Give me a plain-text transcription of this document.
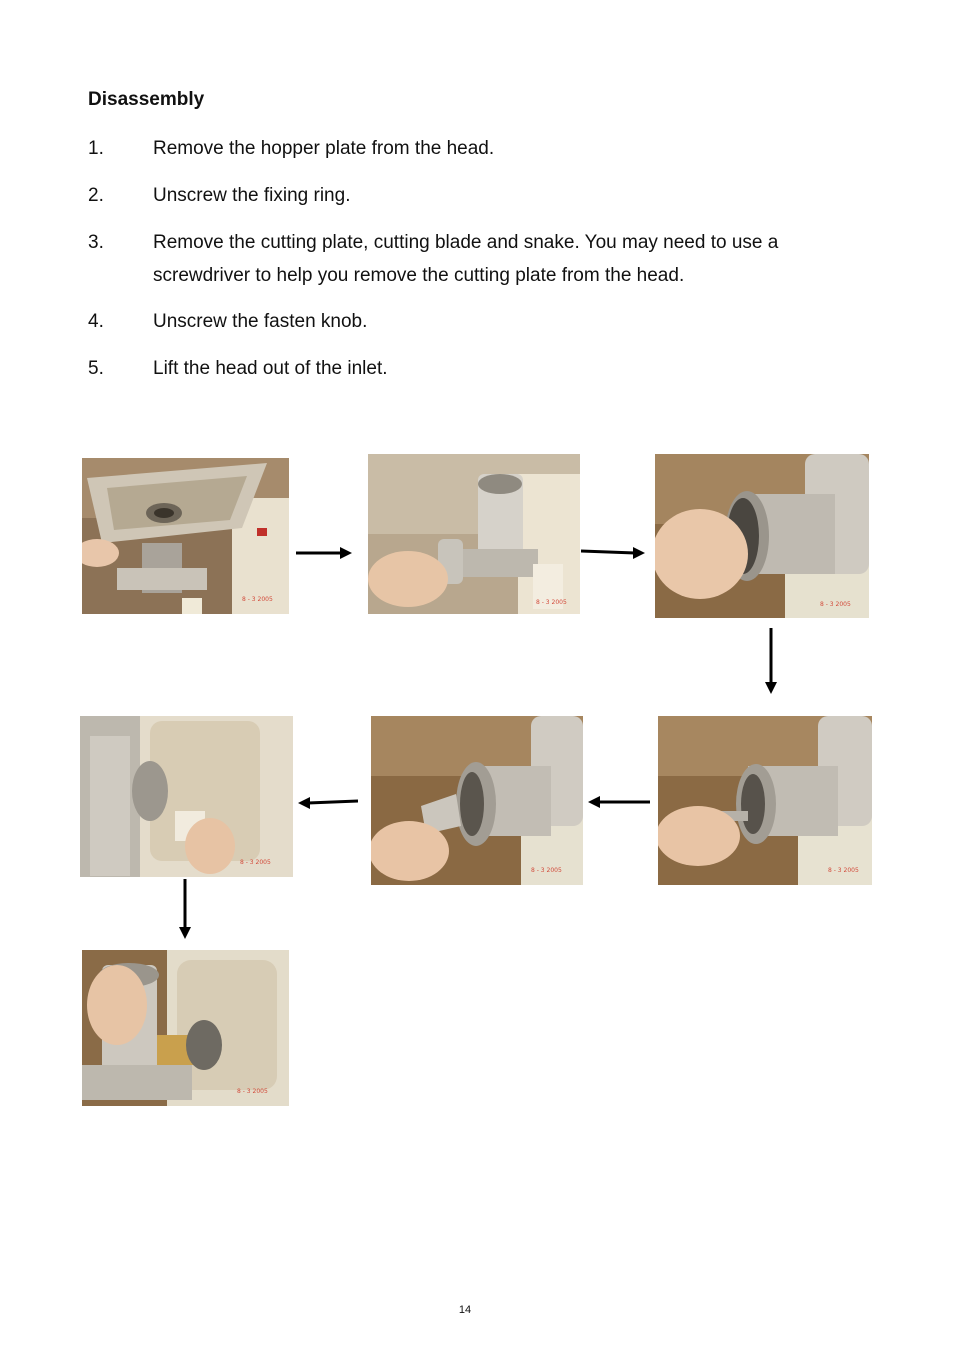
Disassembly
1.	Remove the hopper plate from the head.
2.	Unscrew the fixing ring.
3.	Remove the cutting plate, cutting blade and snake. You may need to use a screwdriver to help you remove the cutting plate from the head.
4.	Unscrew the fasten knob.
5.	Lift the head out of the inlet.
8 - 3 2005	8 - 3 2005	8 - 3 2005
8 - 3 2005
8 - 3 2005
8 - 3 2005
8 - 3 2005
14
